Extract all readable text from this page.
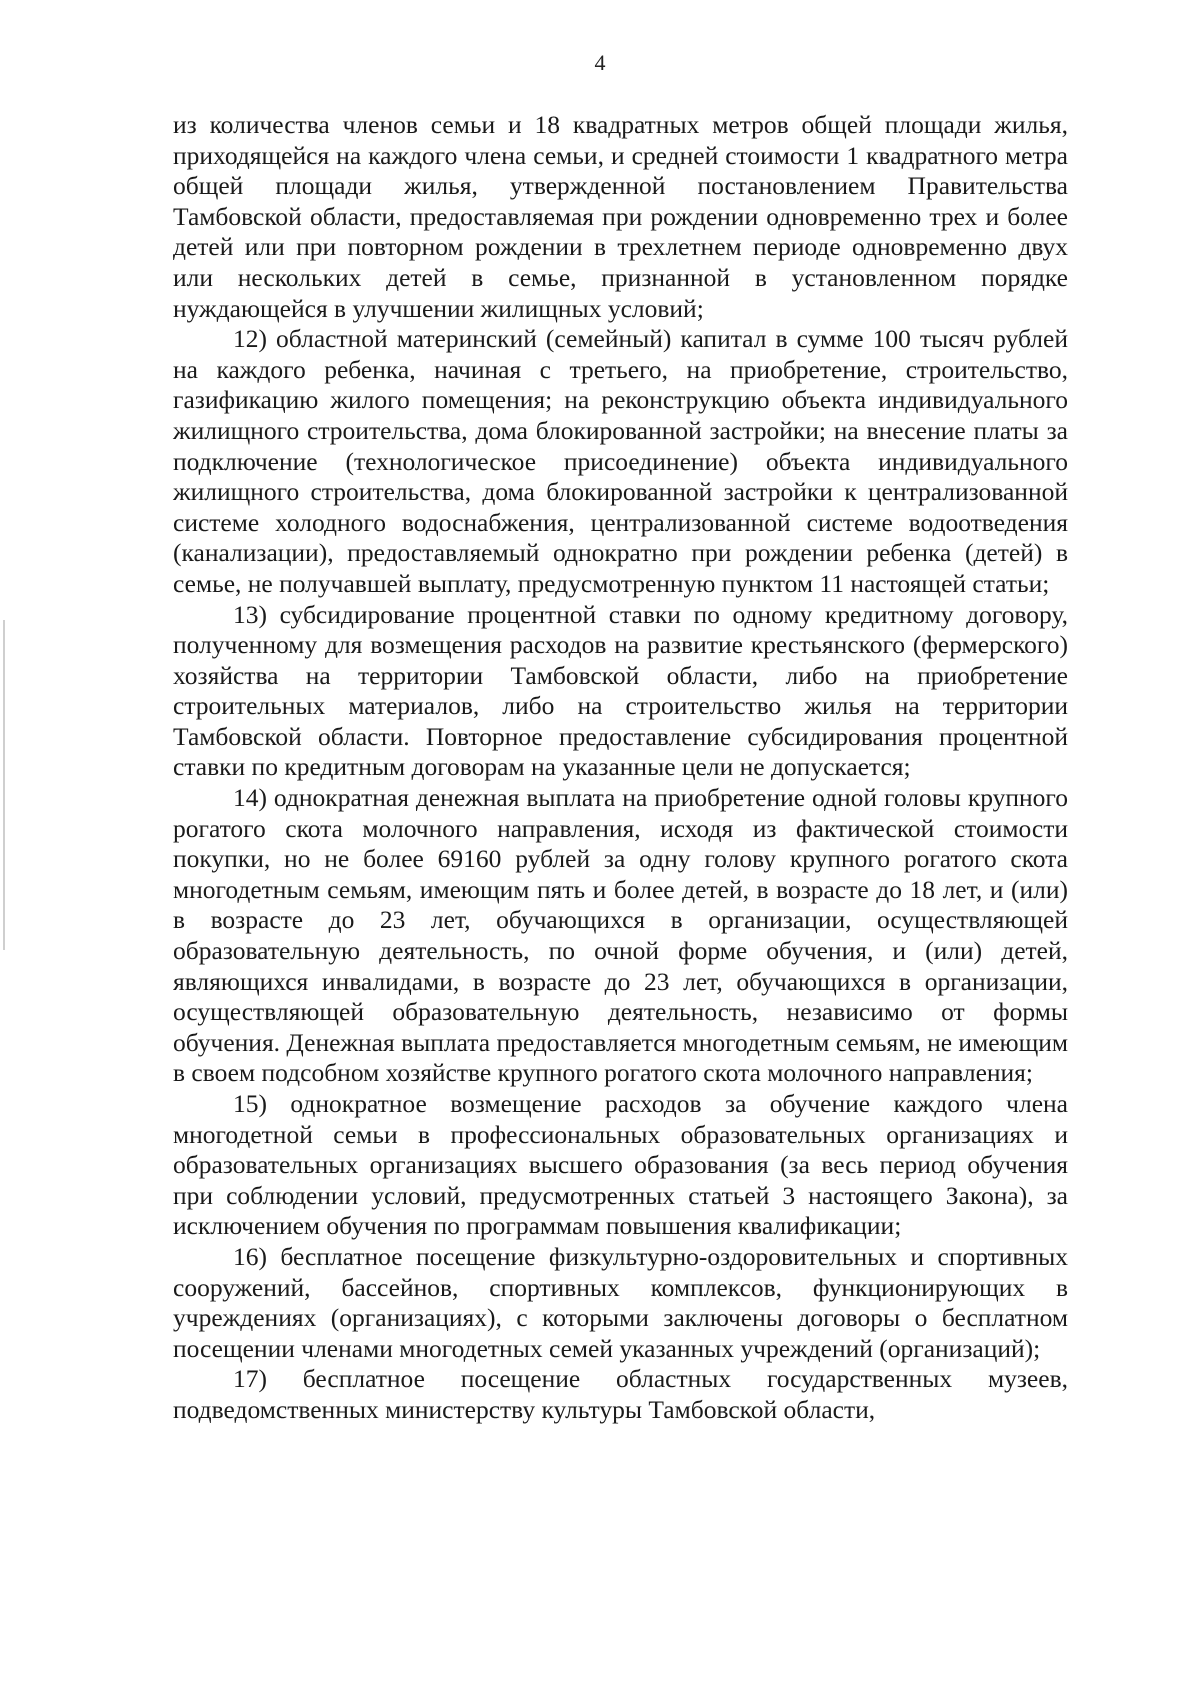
4

из количества членов семьи и 18 квадратных метров общей площади жилья, приходящейся на каждого члена семьи, и средней стоимости 1 квадратного метра общей площади жилья, утвержденной постановлением Правительства Тамбовской области, предоставляемая при рождении одновременно трех и более детей или при повторном рождении в трехлетнем периоде одновременно двух или нескольких детей в семье, признанной в установленном порядке нуждающейся в улучшении жилищных условий;

12) областной материнский (семейный) капитал в сумме 100 тысяч рублей на каждого ребенка, начиная с третьего, на приобретение, строительство, газификацию жилого помещения; на реконструкцию объекта индивидуального жилищного строительства, дома блокированной застройки; на внесение платы за подключение (технологическое присоединение) объекта индивидуального жилищного строительства, дома блокированной застройки к централизованной системе холодного водоснабжения, централизованной системе водоотведения (канализации), предоставляемый однократно при рождении ребенка (детей) в семье, не получавшей выплату, предусмотренную пунктом 11 настоящей статьи;

13) субсидирование процентной ставки по одному кредитному договору, полученному для возмещения расходов на развитие крестьянского (фермерского) хозяйства на территории Тамбовской области, либо на приобретение строительных материалов, либо на строительство жилья на территории Тамбовской области. Повторное предоставление субсидирования процентной ставки по кредитным договорам на указанные цели не допускается;

14) однократная денежная выплата на приобретение одной головы крупного рогатого скота молочного направления, исходя из фактической стоимости покупки, но не более 69160 рублей за одну голову крупного рогатого скота многодетным семьям, имеющим пять и более детей, в возрасте до 18 лет, и (или) в возрасте до 23 лет, обучающихся в организации, осуществляющей образовательную деятельность, по очной форме обучения, и (или) детей, являющихся инвалидами, в возрасте до 23 лет, обучающихся в организации, осуществляющей образовательную деятельность, независимо от формы обучения. Денежная выплата предоставляется многодетным семьям, не имеющим в своем подсобном хозяйстве крупного рогатого скота молочного направления;

15) однократное возмещение расходов за обучение каждого члена многодетной семьи в профессиональных образовательных организациях и образовательных организациях высшего образования (за весь период обучения при соблюдении условий, предусмотренных статьей 3 настоящего Закона), за исключением обучения по программам повышения квалификации;

16) бесплатное посещение физкультурно-оздоровительных и спортивных сооружений, бассейнов, спортивных комплексов, функционирующих в учреждениях (организациях), с которыми заключены договоры о бесплатном посещении членами многодетных семей указанных учреждений (организаций);

17) бесплатное посещение областных государственных музеев, подведомственных министерству культуры Тамбовской области,
